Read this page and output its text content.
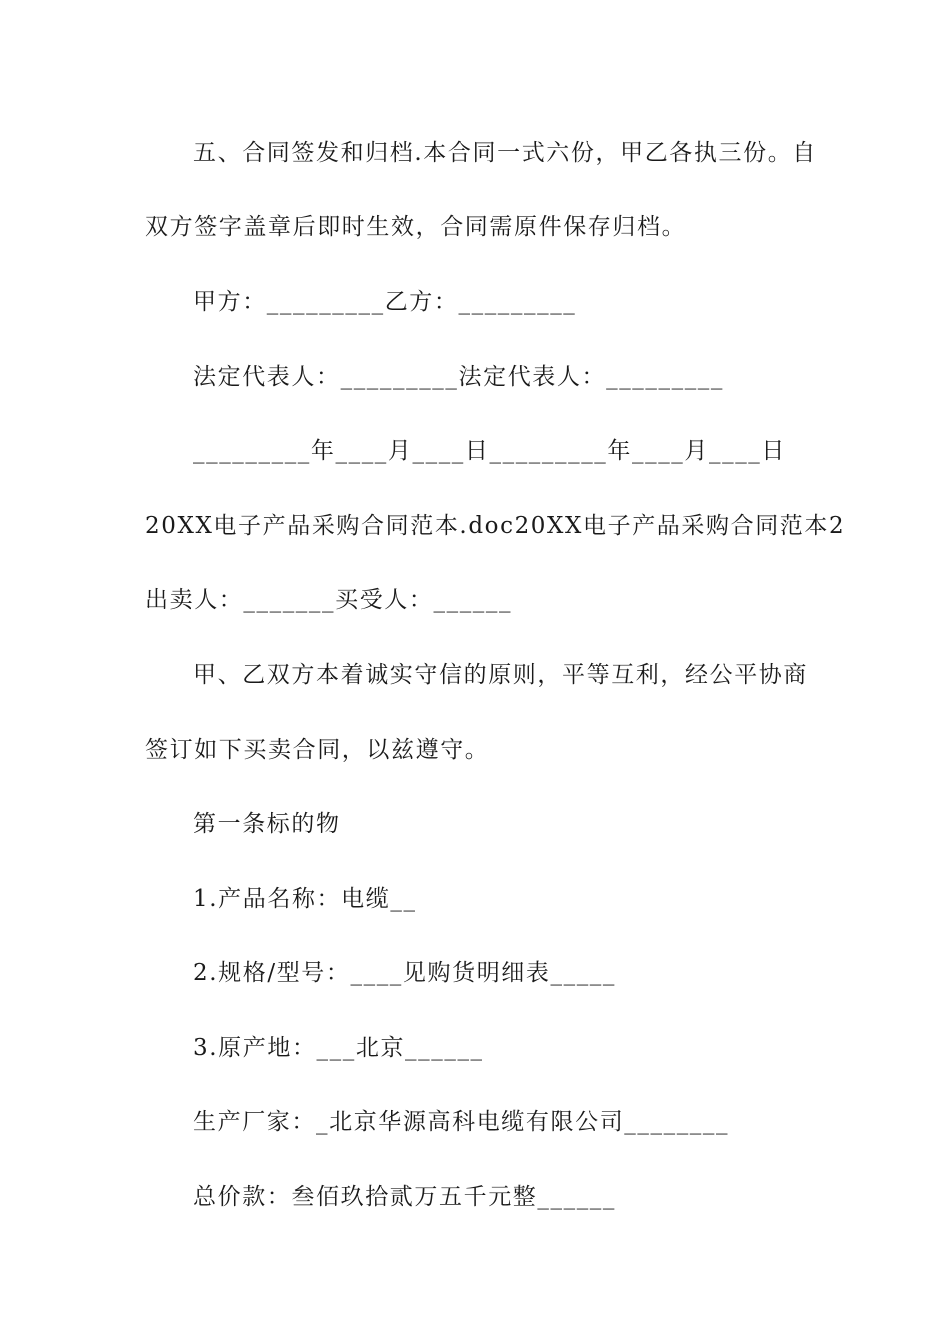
五、合同签发和归档.本合同一式六份，甲乙各执三份。自

双方签字盖章后即时生效，合同需原件保存归档。

甲方：_________乙方：_________

法定代表人：_________法定代表人：_________

_________年____月____日_________年____月____日

20XX电子产品采购合同范本.doc20XX电子产品采购合同范本2

出卖人：_______买受人：______

甲、乙双方本着诚实守信的原则，平等互利，经公平协商

签订如下买卖合同，以兹遵守。

第一条标的物

1.产品名称：电缆__

2.规格/型号：____见购货明细表_____

3.原产地：___北京______

生产厂家：_北京华源高科电缆有限公司________

总价款：叁佰玖拾贰万五千元整______
